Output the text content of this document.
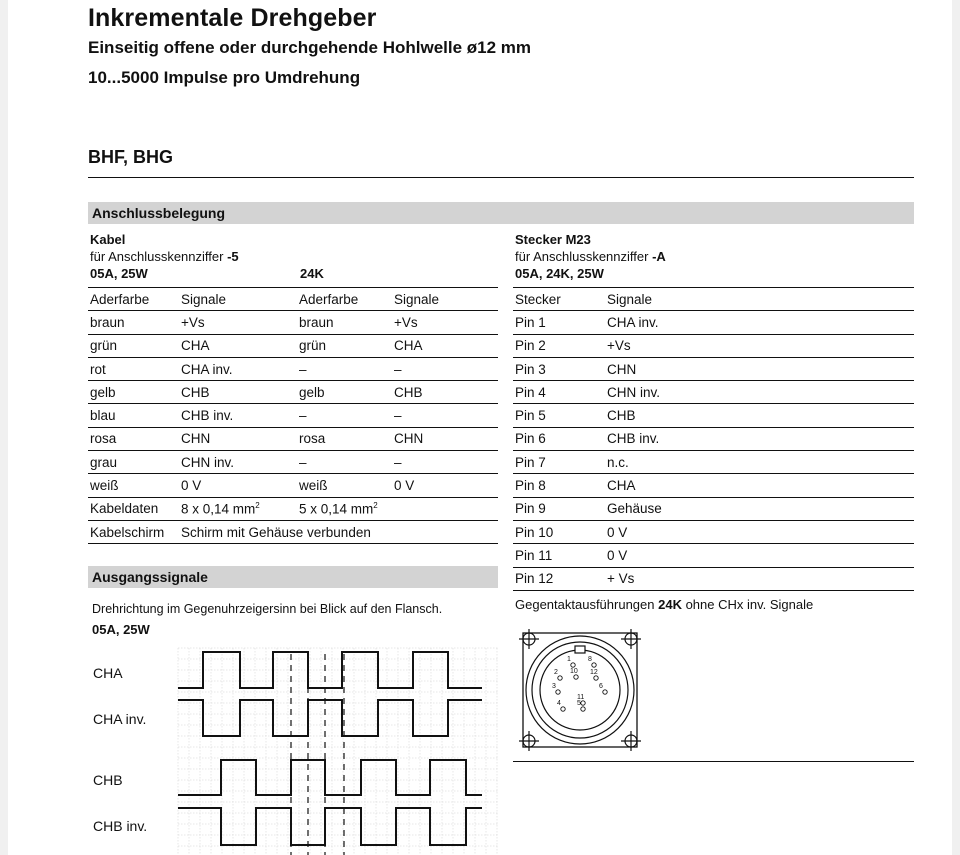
Inkrementale Drehgeber
Einseitig offene oder durchgehende Hohlwelle ø12 mm
10...5000 Impulse pro Umdrehung
BHF, BHG
Anschlussbelegung
Kabel
für Anschlusskennziffer -5
05A, 25W	24K
Aderfarbe	Signale	Aderfarbe	Signale
braun	+Vs	braun	+Vs
grün	CHA	grün	CHA
rot	CHA inv.	–	–
gelb	CHB	gelb	CHB
blau	CHB inv.	–	–
rosa	CHN	rosa	CHN
grau	CHN inv.	–	–
weiß	0 V	weiß	0 V
Kabeldaten	8 x 0,14 $mm^2$	5 x 0,14 $mm^2$
Kabelschirm	Schirm mit Gehäuse verbunden		
Stecker M23
für Anschlusskennziffer -A
05A, 24K, 25W
Stecker	Signale
Pin 1	CHA inv.
Pin 2	+Vs
Pin 3	CHN
Pin 4	CHN inv.
Pin 5	CHB
Pin 6	CHB inv.
Pin 7	n.c.
Pin 8	CHA
Pin 9	Gehäuse
Pin 10	0 V
Pin 11	0 V
Pin 12	+ Vs
Gegentaktausführungen 24K ohne CHx inv. Signale
1
2
3
4 5
6
8
10
11
12
Ausgangssignale
Drehrichtung im Gegenuhrzeigersinn bei Blick auf den Flansch.
05A, 25W
CHA
CHA inv.
CHB
CHB inv.
